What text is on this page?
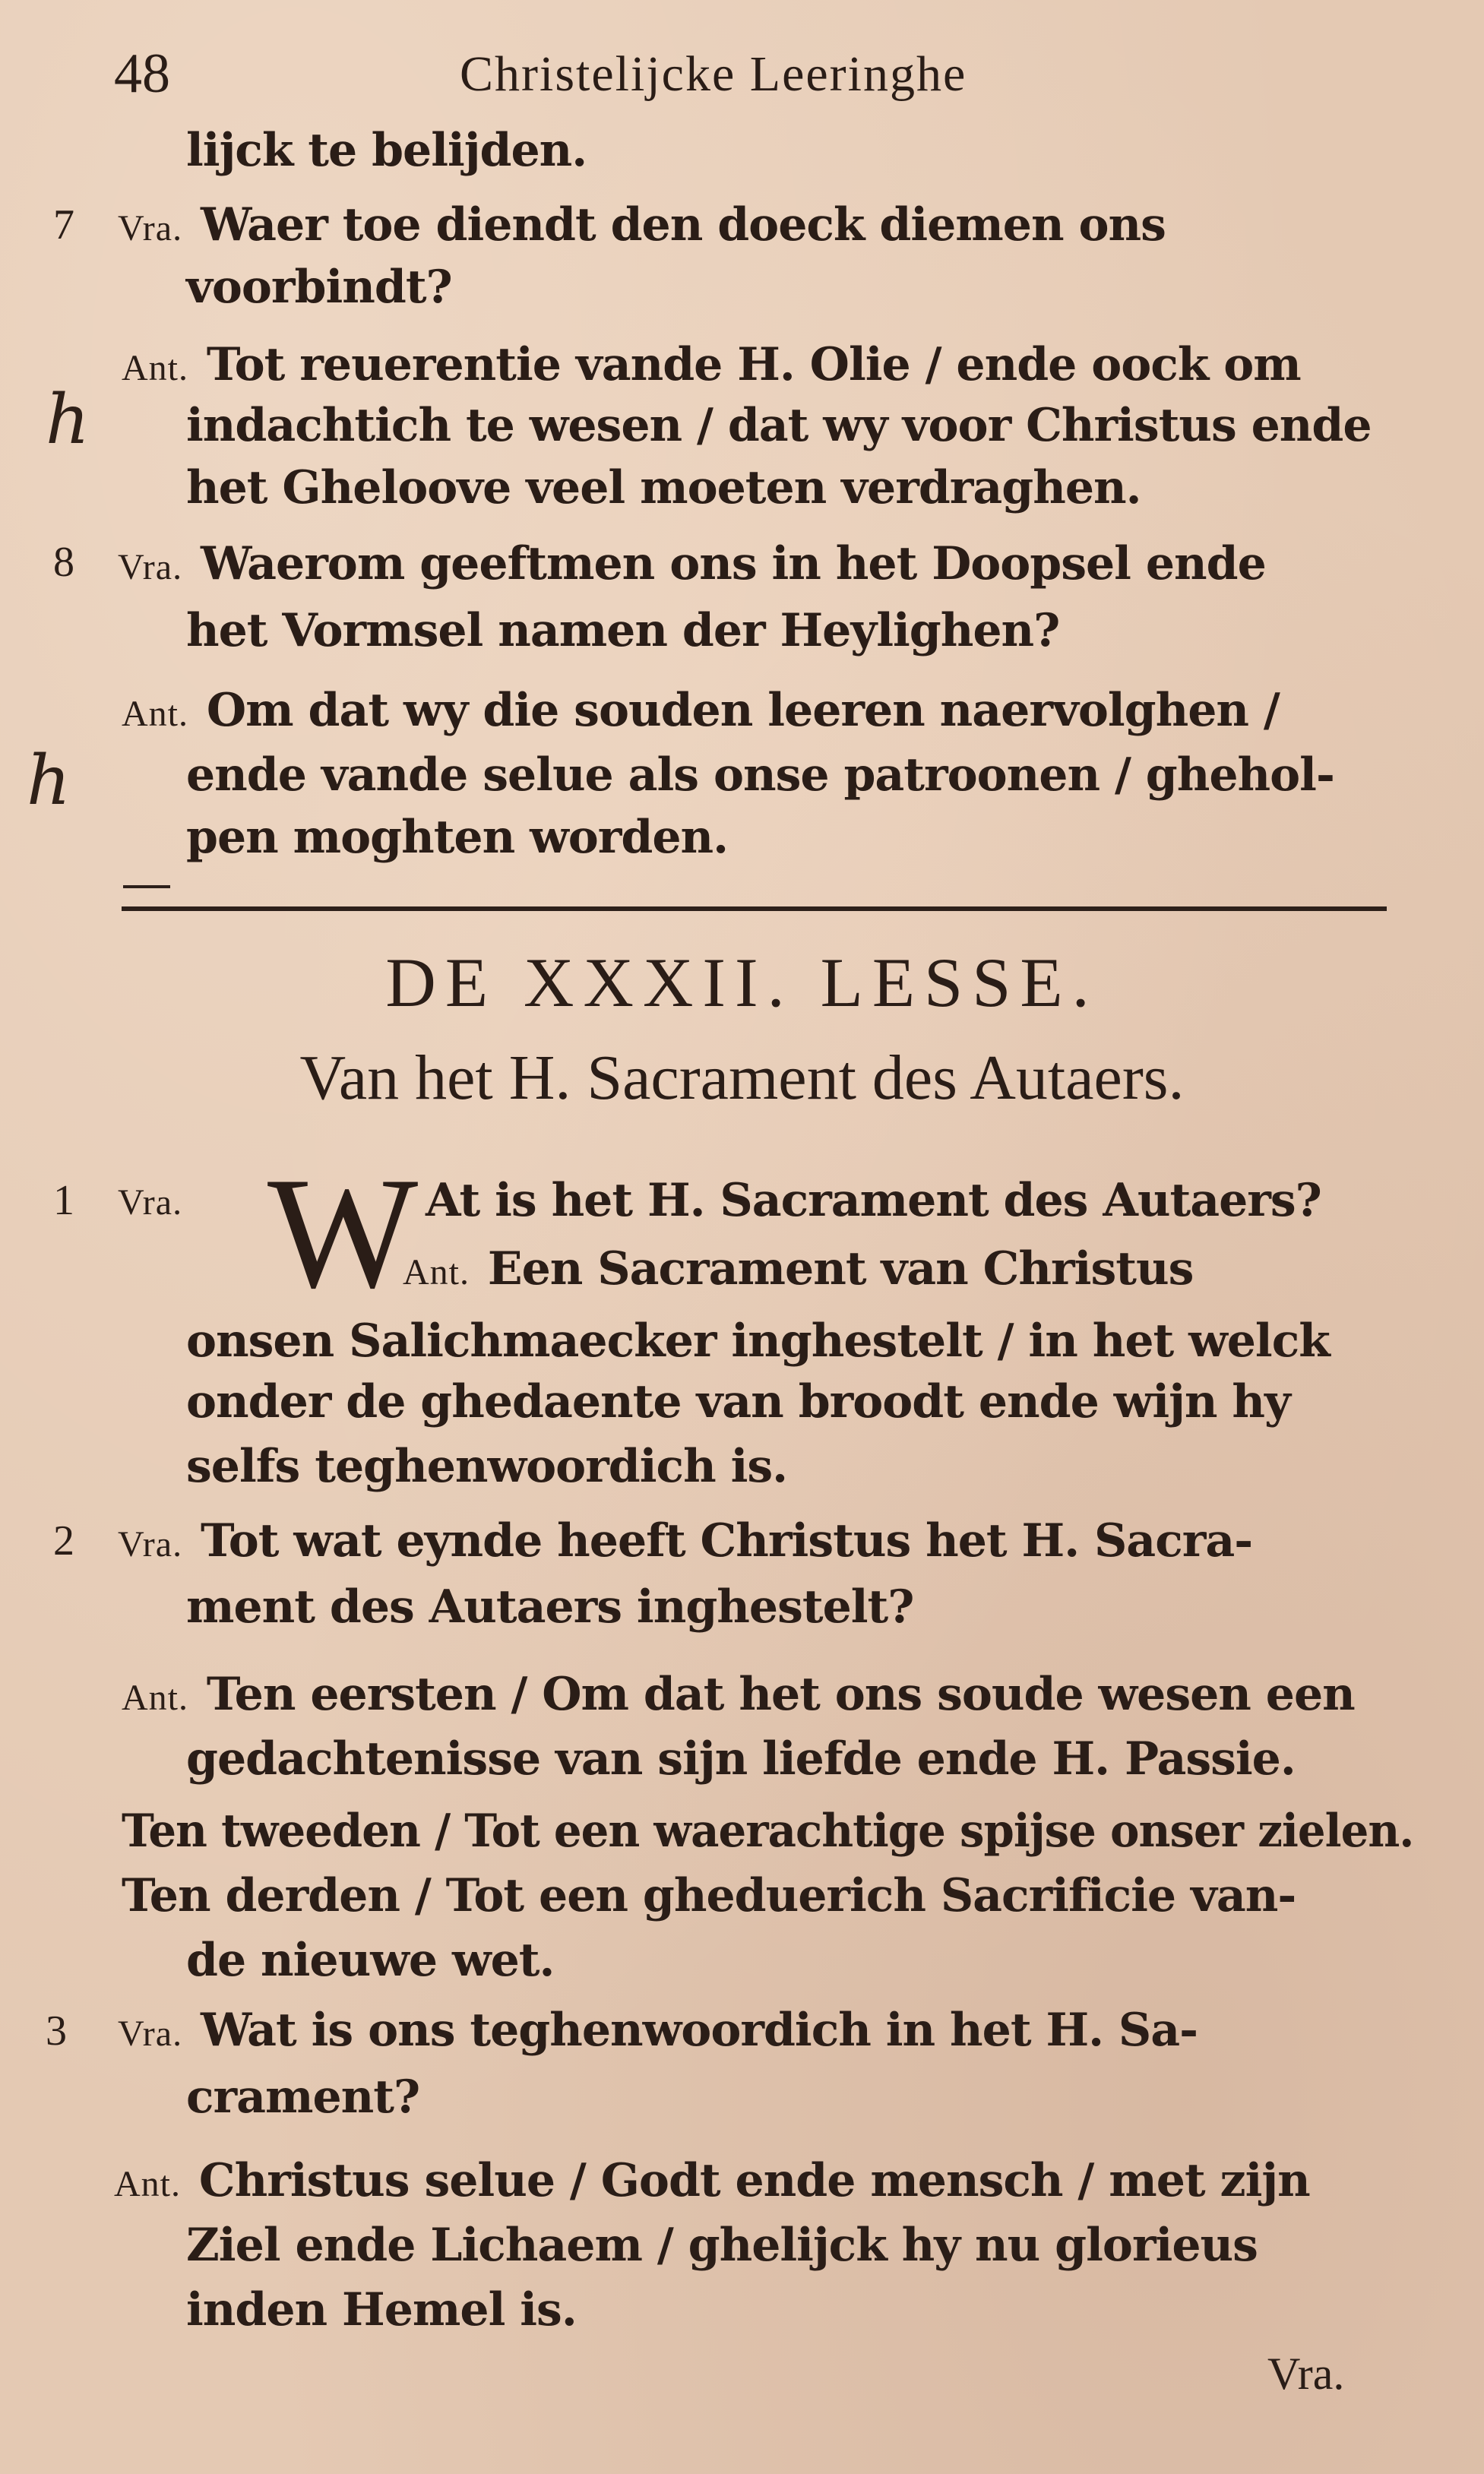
48	Christelijcke Leeringhe
lijck te belijden.
7 Vra. Waer toe diendt den doeck diemen ons
voorbindt?
Ant. Tot reuerentie vande H. Olie / ende oock om
indachtich te wesen / dat wy voor Christus ende
het Gheloove veel moeten verdraghen.
h
8 Vra. Waerom geeftmen ons in het Doopsel ende
het Vormsel namen der Heylighen?
Ant. Om dat wy die souden leeren naervolghen /
ende vande selue als onse patroonen / ghehol-
pen moghten worden.
h
DE XXXII. LESSE.
Van het H. Sacrament des Autaers.
1 Vra. W At is het H. Sacrament des Autaers?
Ant. Een Sacrament van Christus
onsen Salichmaecker inghestelt / in het welck
onder de ghedaente van broodt ende wijn hy
selfs teghenwoordich is.
2 Vra. Tot wat eynde heeft Christus het H. Sacra-
ment des Autaers inghestelt?
Ant. Ten eersten / Om dat het ons soude wesen een
gedachtenisse van sijn liefde ende H. Passie.
Ten tweeden / Tot een waerachtige spijse onser zielen.
Ten derden / Tot een gheduerich Sacrificie van-
de nieuwe wet.
3 Vra. Wat is ons teghenwoordich in het H. Sa-
crament?
Ant. Christus selue / Godt ende mensch / met zijn
Ziel ende Lichaem / ghelijck hy nu glorieus
inden Hemel is.
Vra.
